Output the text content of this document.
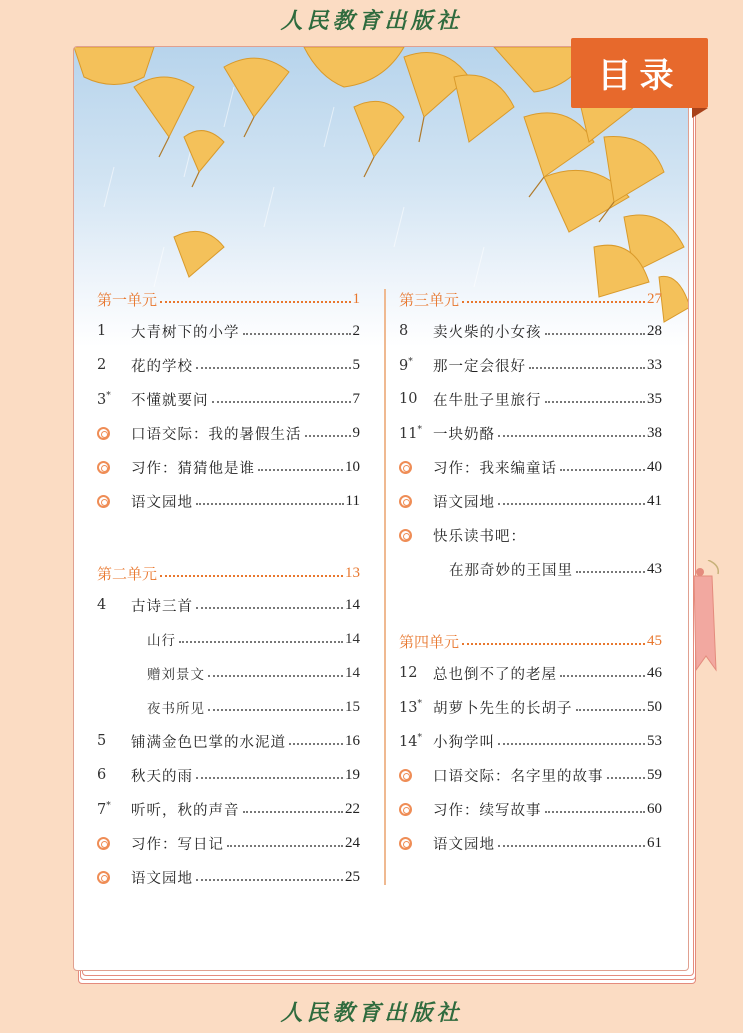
人民教育出版社
目录
第一单元	1
1	大青树下的小学	2
2	花的学校	5
3*	不懂就要问	7
口语交际：我的暑假生活	9
习作：猜猜他是谁	10
语文园地	11
第二单元	13
4	古诗三首	14
山行	14
赠刘景文	14
夜书所见	15
5	铺满金色巴掌的水泥道	16
6	秋天的雨	19
7*	听听，秋的声音	22
习作：写日记	24
语文园地	25
第三单元	27
8	卖火柴的小女孩	28
9*	那一定会很好	33
10	在牛肚子里旅行	35
11* 一块奶酪	38
习作：我来编童话	40
语文园地	41
快乐读书吧：
在那奇妙的王国里	43
第四单元	45
12	总也倒不了的老屋	46
13* 胡萝卜先生的长胡子	50
14* 小狗学叫	53
口语交际：名字里的故事	59
习作：续写故事	60
语文园地	61
人民教育出版社
